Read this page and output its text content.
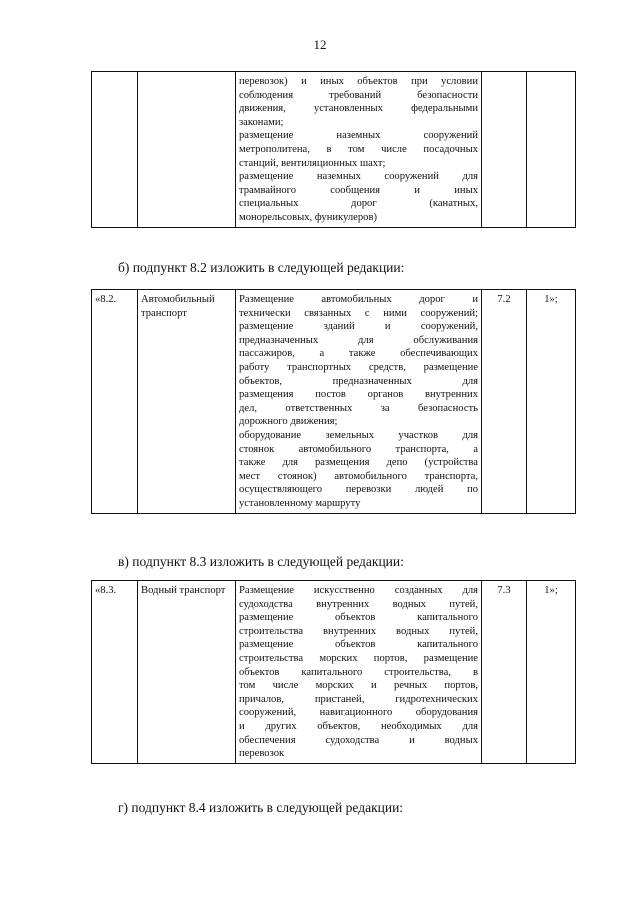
12

перевозок) и иных объектов при условии
соблюдения требований безопасности
движения, установленных федеральными
законами;
размещение наземных сооружений
метрополитена, в том числе посадочных
станций, вентиляционных шахт;
размещение наземных сооружений для
трамвайного сообщения и иных
специальных дорог (канатных,
монорельсовых, фуникулеров)

б) подпункт 8.2 изложить в следующей редакции:
«8.2.	Автомобильный транспорт	
Размещение автомобильных дорог и
технически связанных с ними сооружений;
размещение зданий и сооружений,
предназначенных для обслуживания
пассажиров, а также обеспечивающих
работу транспортных средств, размещение
объектов, предназначенных для
размещения постов органов внутренних
дел, ответственных за безопасность
дорожного движения;
оборудование земельных участков для
стоянок автомобильного транспорта, а
также для размещения депо (устройства
мест стоянок) автомобильного транспорта,
осуществляющего перевозки людей по
установленному маршруту
	7.2	1»;
в) подпункт 8.3 изложить в следующей редакции:
«8.3.	Водный транспорт	Размещение искусственно созданных для
судоходства внутренних водных путей,
размещение объектов капитального
строительства внутренних водных путей,
размещение объектов капитального
строительства морских портов, размещение
объектов капитального строительства, в
том числе морских и речных портов,
причалов, пристаней, гидротехнических
сооружений, навигационного оборудования
и других объектов, необходимых для
обеспечения судоходства и водных
перевозок
	7.3	1»;
г) подпункт 8.4 изложить в следующей редакции:
